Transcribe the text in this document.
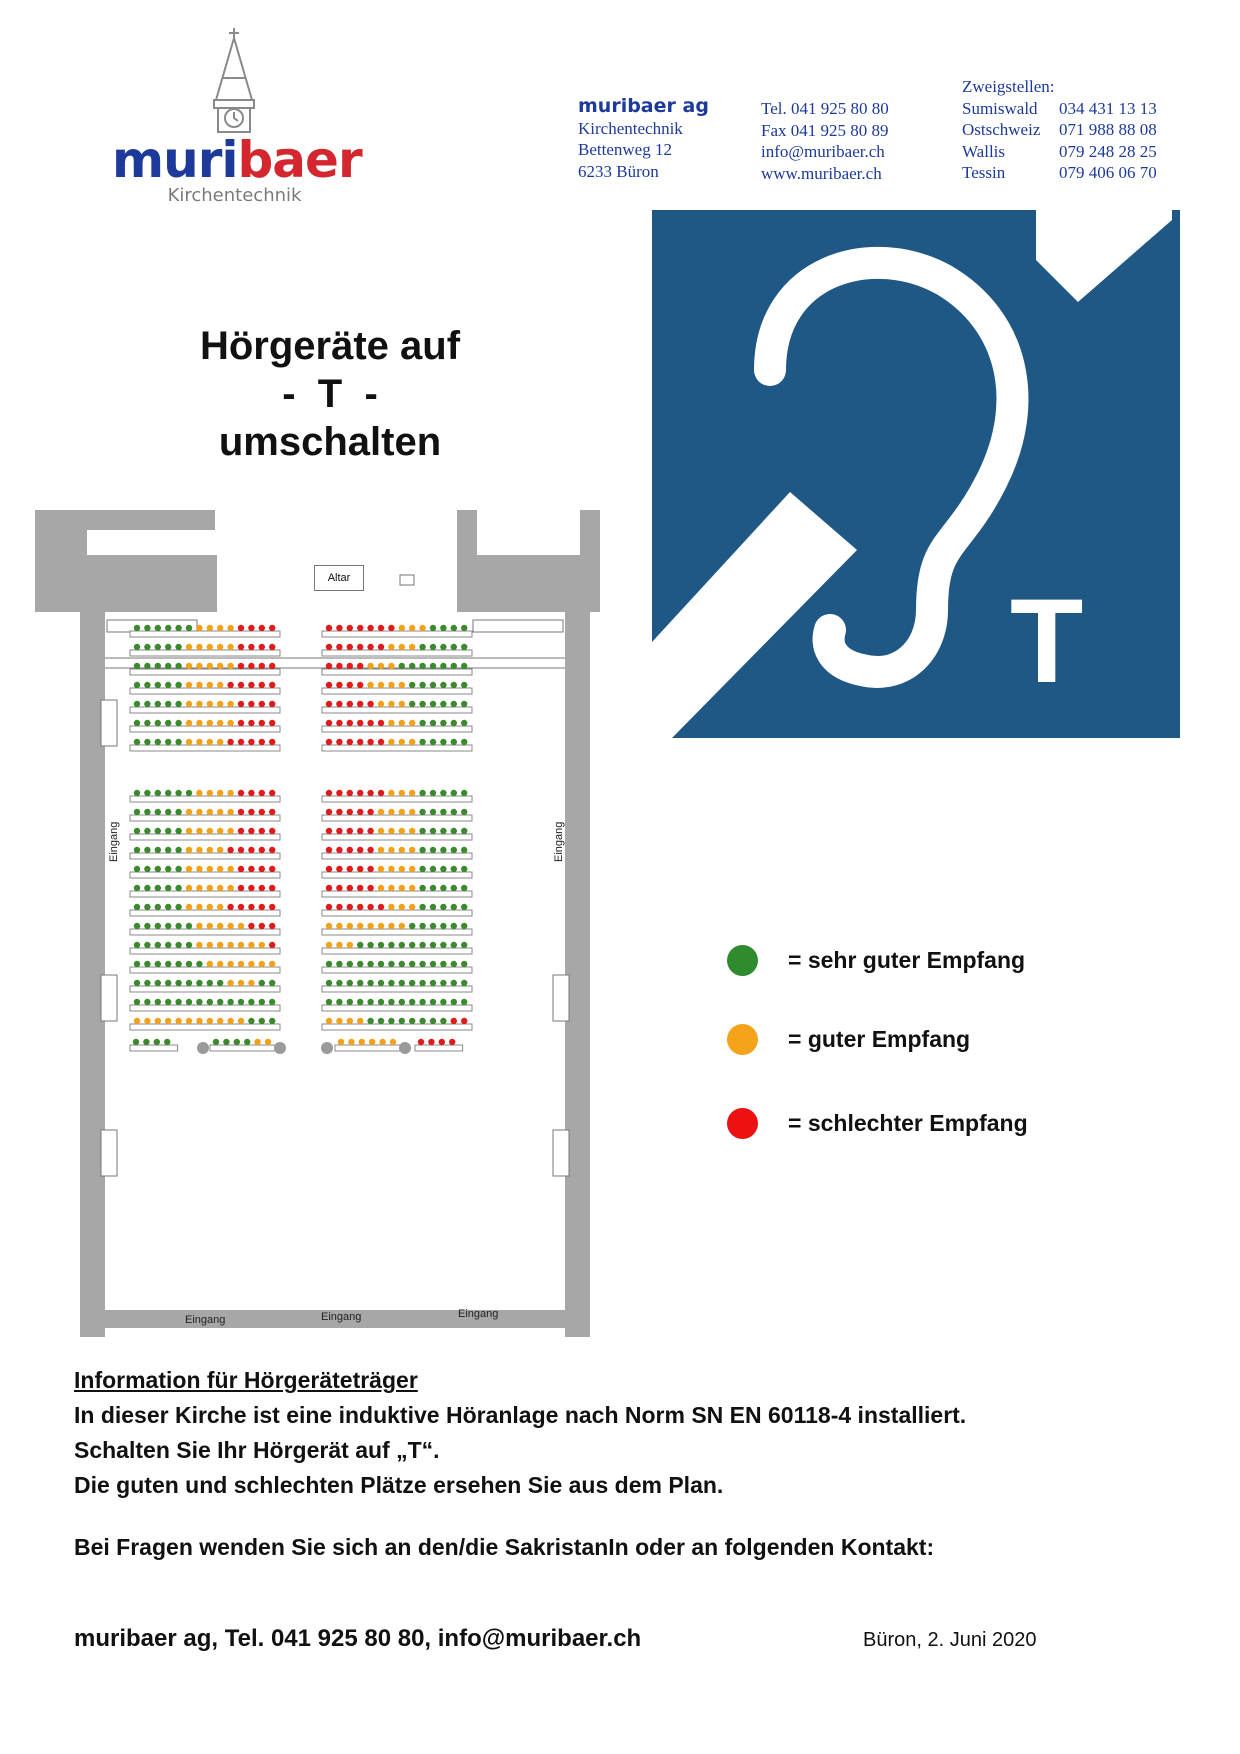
muribaer
Kirchentechnik
muribaer ag
Kirchentechnik
Bettenweg 12
6233 Büron
Tel. 041 925 80 80
Fax 041 925 80 89
info@muribaer.ch
www.muribaer.ch
Zweigstellen:
Sumiswald	034 431 13 13
Ostschweiz	071 988 88 08
Wallis	079 248 28 25
Tessin	079 406 06 70
T
Hörgeräte auf
-  T  -
umschalten
Altar
Eingang	Eingang
Eingang	Eingang	Eingang
= sehr guter Empfang
= guter Empfang
= schlechter Empfang
Information für Hörgeräteträger
In dieser Kirche ist eine induktive Höranlage nach Norm SN EN 60118-4 installiert.
Schalten Sie Ihr Hörgerät auf „T“.
Die guten und schlechten Plätze ersehen Sie aus dem Plan.
Bei Fragen wenden Sie sich an den/die SakristanIn oder an folgenden Kontakt:
muribaer ag, Tel. 041 925 80 80, info@muribaer.ch	Büron, 2. Juni 2020
